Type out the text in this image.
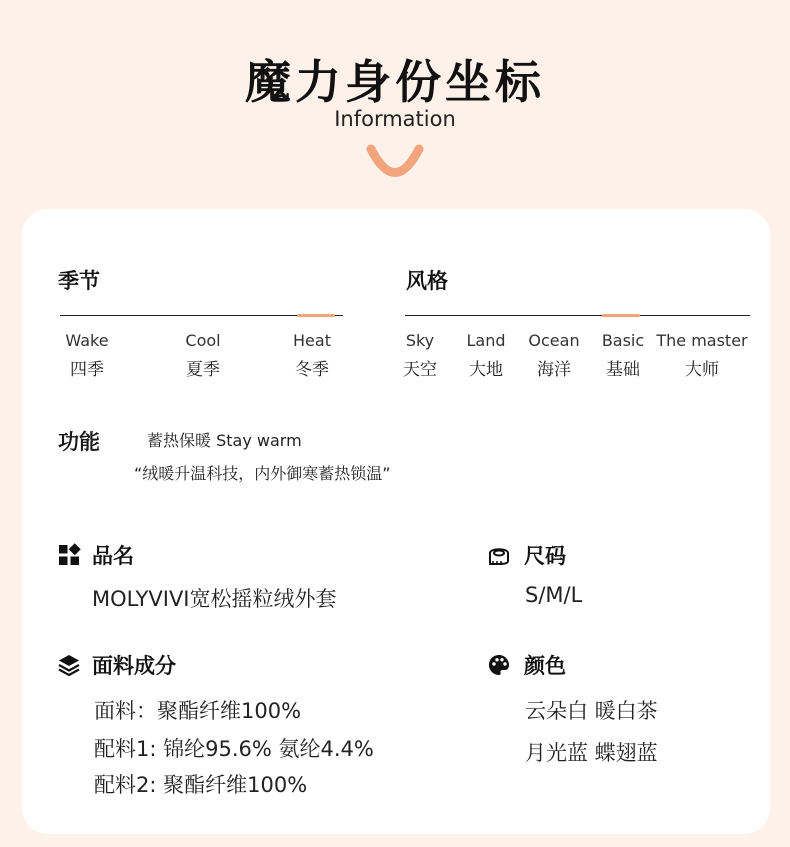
魔力身份坐标
Information
季节
Wake
四季
Cool
夏季
Heat
冬季
风格
Sky
天空
Land
大地
Ocean
海洋
Basic
基础
The master
大师
功能	蓄热保暖 Stay warm
“绒暖升温科技，内外御寒蓄热锁温”
品名
MOLYVIVI宽松摇粒绒外套
尺码
S/M/L
面料成分
面料：聚酯纤维100%
配料1: 锦纶95.6% 氨纶4.4%
配料2: 聚酯纤维100%
颜色
云朵白 暖白茶
月光蓝 蝶翅蓝
